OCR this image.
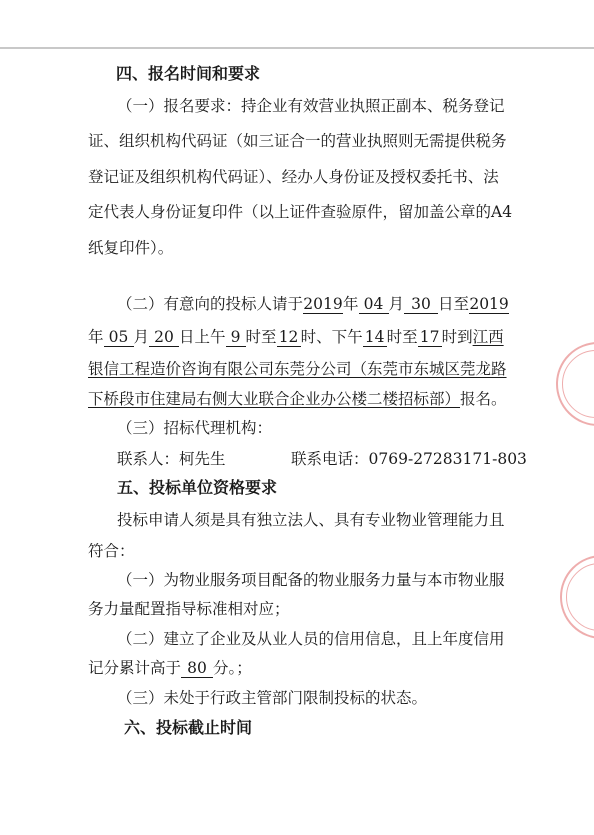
四、报名时间和要求
（一）报名要求：持企业有效营业执照正副本、税务登记
证、组织机构代码证（如三证合一的营业执照则无需提供税务
登记证及组织机构代码证）、经办人身份证及授权委托书、法
定代表人身份证复印件（以上证件查验原件，留加盖公章的A4
纸复印件）。
（二）有意向的投标人请于2019年 04 月 30 日至2019
年 05 月 20 日上午 9 时至 12 时、下午 14 时至 17 时到江西
银信工程造价咨询有限公司东莞分公司（东莞市东城区莞龙路
下桥段市住建局右侧大业联合企业办公楼二楼招标部）报名。
（三）招标代理机构：
联系人：柯先生	联系电话：0769-27283171-803
五、投标单位资格要求
投标申请人须是具有独立法人、具有专业物业管理能力且
符合：
（一）为物业服务项目配备的物业服务力量与本市物业服
务力量配置指导标准相对应；
（二）建立了企业及从业人员的信用信息，且上年度信用
记分累计高于 80 分。；
（三）未处于行政主管部门限制投标的状态。
六、投标截止时间
